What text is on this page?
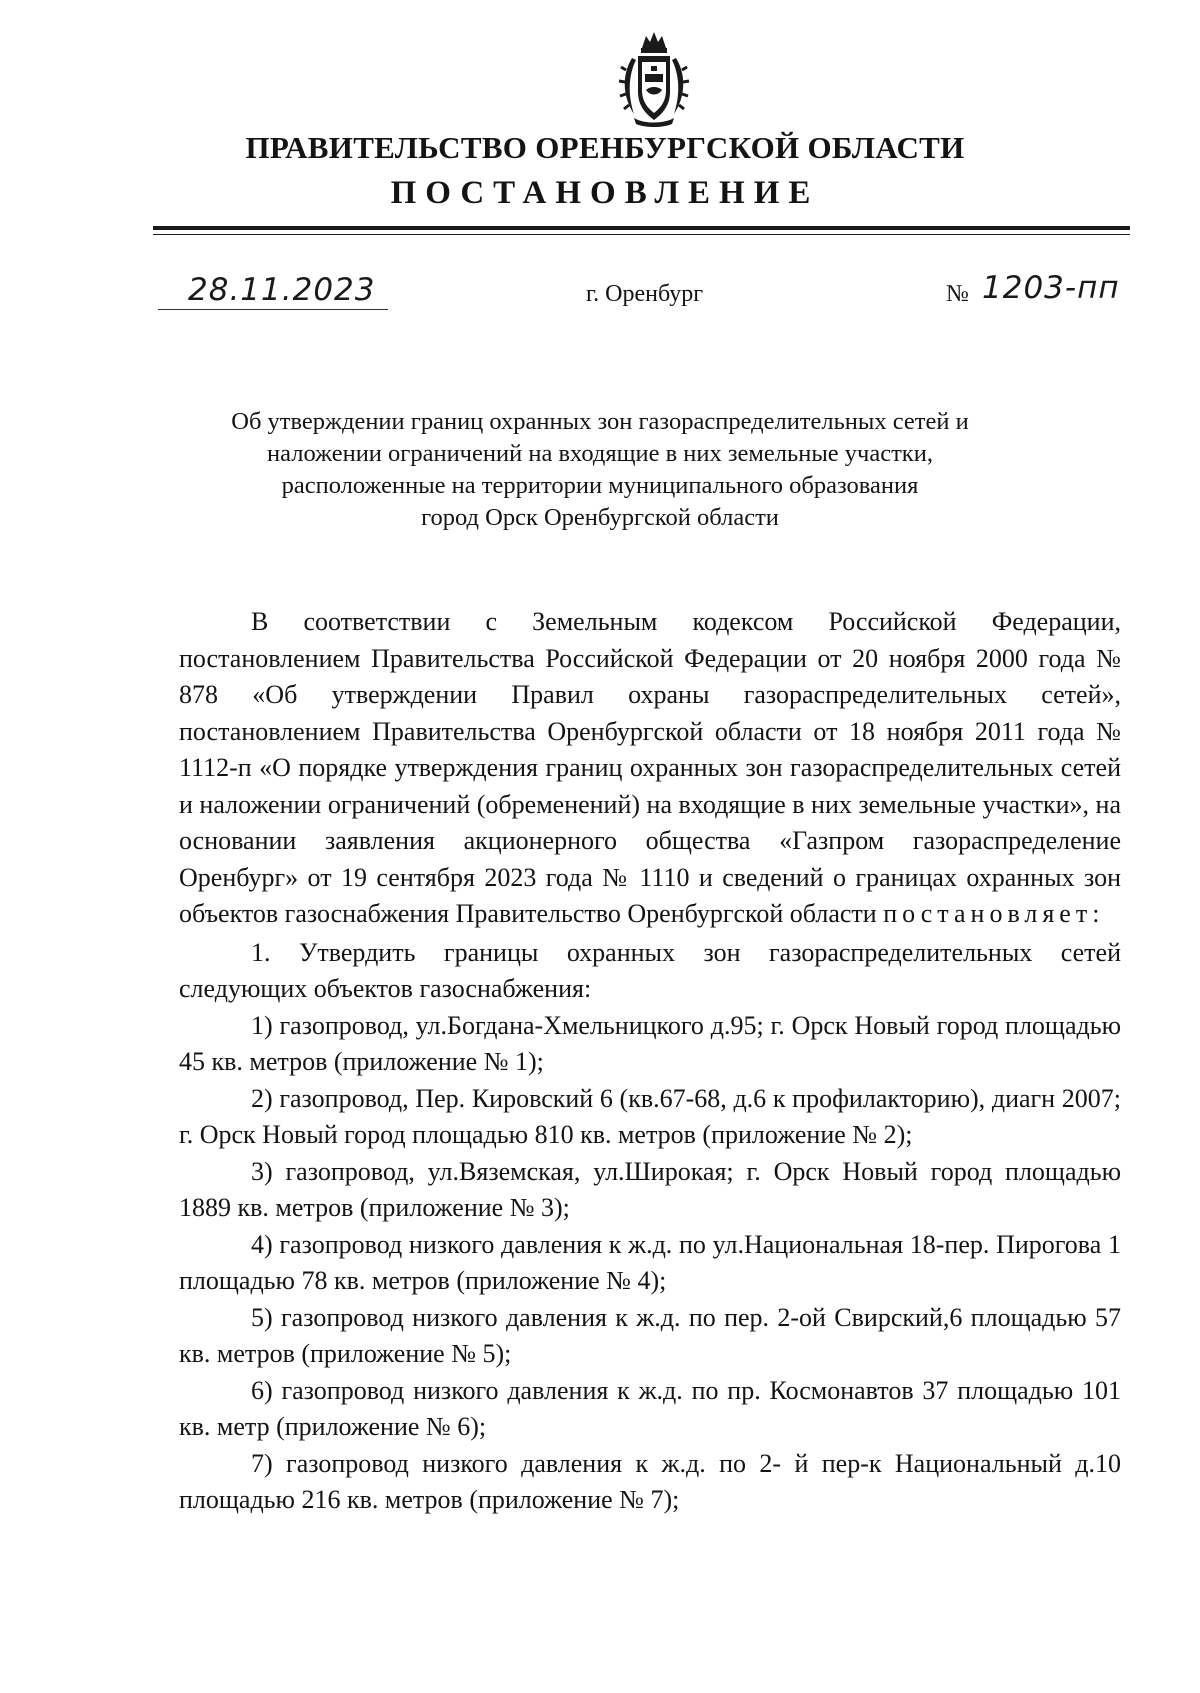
ПРАВИТЕЛЬСТВО ОРЕНБУРГСКОЙ ОБЛАСТИ
ПОСТАНОВЛЕНИЕ
28.11.2023	г. Оренбург	№ 1203-пп
Об утверждении границ охранных зон газораспределительных сетей и
наложении ограничений на входящие в них земельные участки,
расположенные на территории муниципального образования
город Орск Оренбургской области

В соответствии с Земельным кодексом Российской Федерации, постановлением Правительства Российской Федерации от 20 ноября 2000 года № 878 «Об утверждении Правил охраны газораспределительных сетей», постановлением Правительства Оренбургской области от 18 ноября 2011 года № 1112-п «О порядке утверждения границ охранных зон газораспределительных сетей и наложении ограничений (обременений) на входящие в них земельные участки», на основании заявления акционерного общества «Газпром газораспределение Оренбург» от 19 сентября 2023 года № 1110 и сведений о границах охранных зон объектов газоснабжения Правительство Оренбургской области постановляет:

1. Утвердить границы охранных зон газораспределительных сетей следующих объектов газоснабжения:

1) газопровод, ул.Богдана-Хмельницкого д.95; г. Орск Новый город площадью 45 кв. метров (приложение № 1);

2) газопровод, Пер. Кировский 6 (кв.67-68, д.6 к профилакторию), диагн 2007; г. Орск Новый город площадью 810 кв. метров (приложение № 2);

3) газопровод, ул.Вяземская, ул.Широкая; г. Орск Новый город площадью 1889 кв. метров (приложение № 3);

4) газопровод низкого давления к ж.д. по ул.Национальная 18-пер. Пирогова 1 площадью 78 кв. метров (приложение № 4);

5) газопровод низкого давления к ж.д. по пер. 2-ой Свирский,6 площадью 57 кв. метров (приложение № 5);

6) газопровод низкого давления к ж.д. по пр. Космонавтов 37 площадью 101 кв. метр (приложение № 6);

7) газопровод низкого давления к ж.д. по 2- й пер-к Национальный д.10 площадью 216 кв. метров (приложение № 7);
